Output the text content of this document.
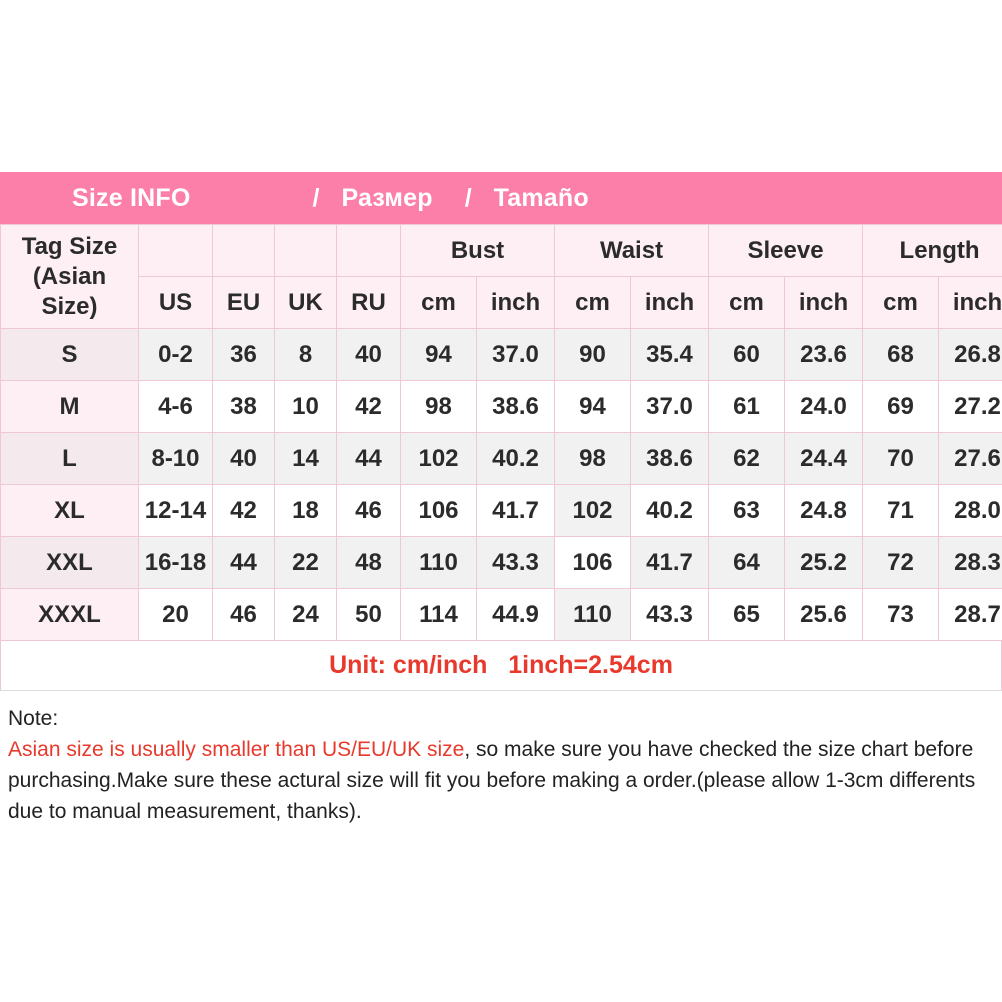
Size INFO	/ Размер	/ Tamaño
Tag Size
(Asian
Size)					Bust		Waist		Sleeve		Length	
	US	EU	UK	RU	cm	inch	cm	inch	cm	inch	cm	inch
S	0-2	36	8	40	94	37.0	90	35.4	60	23.6	68	26.8
M	4-6	38	10	42	98	38.6	94	37.0	61	24.0	69	27.2
L	8-10	40	14	44	102	40.2	98	38.6	62	24.4	70	27.6
XL	12-14	42	18	46	106	41.7	102	40.2	63	24.8	71	28.0
XXL	16-18	44	22	48	110	43.3	106	41.7	64	25.2	72	28.3
XXXL	20	46	24	50	114	44.9	110	43.3	65	25.6	73	28.7
Unit: cm/inch   1inch=2.54cm

Note:

Asian size is usually smaller than US/EU/UK size, so make sure you have checked the size chart before purchasing.Make sure these actural size will fit you before making a order.(please allow 1-3cm differents due to manual measurement, thanks).
